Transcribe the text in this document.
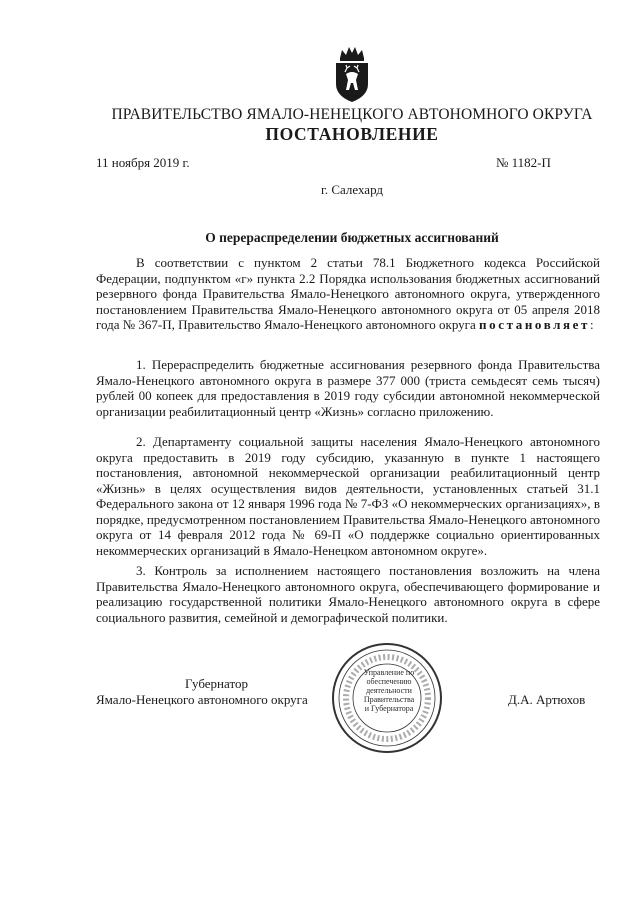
ПРАВИТЕЛЬСТВО ЯМАЛО-НЕНЕЦКОГО АВТОНОМНОГО ОКРУГА
ПОСТАНОВЛЕНИЕ
11 ноября 2019 г.	№ 1182-П
г. Салехард
О перераспределении бюджетных ассигнований

В соответствии с пунктом 2 статьи 78.1 Бюджетного кодекса Российской Федерации, подпунктом «г» пункта 2.2 Порядка использования бюджетных ассигнований резервного фонда Правительства Ямало-Ненецкого автономного округа, утвержденного постановлением Правительства Ямало-Ненецкого автономного округа от 05 апреля 2018 года № 367-П, Правительство Ямало-Ненецкого автономного округа постановляет:

1. Перераспределить бюджетные ассигнования резервного фонда Правительства Ямало-Ненецкого автономного округа в размере 377 000 (триста семьдесят семь тысяч) рублей 00 копеек для предоставления в 2019 году субсидии автономной некоммерческой организации реабилитационный центр «Жизнь» согласно приложению.

2. Департаменту социальной защиты населения Ямало-Ненецкого автономного округа предоставить в 2019 году субсидию, указанную в пункте 1 настоящего постановления, автономной некоммерческой организации реабилитационный центр «Жизнь» в целях осуществления видов деятельности, установленных статьей 31.1 Федерального закона от 12 января 1996 года № 7-ФЗ «О некоммерческих организациях», в порядке, предусмотренном постановлением Правительства Ямало-Ненецкого автономного округа от 14 февраля 2012 года № 69-П «О поддержке социально ориентированных некоммерческих организаций в Ямало-Ненецком автономном округе».

3. Контроль за исполнением настоящего постановления возложить на члена Правительства Ямало-Ненецкого автономного округа, обеспечивающего формирование и реализацию государственной политики Ямало-Ненецкого автономного округа в сфере социального развития, семейной и демографической политики.

Губернатор
Ямало-Ненецкого автономного округа	Д.А. Артюхов
Управление по
обеспечению
деятельности
Правительства
и Губернатора
